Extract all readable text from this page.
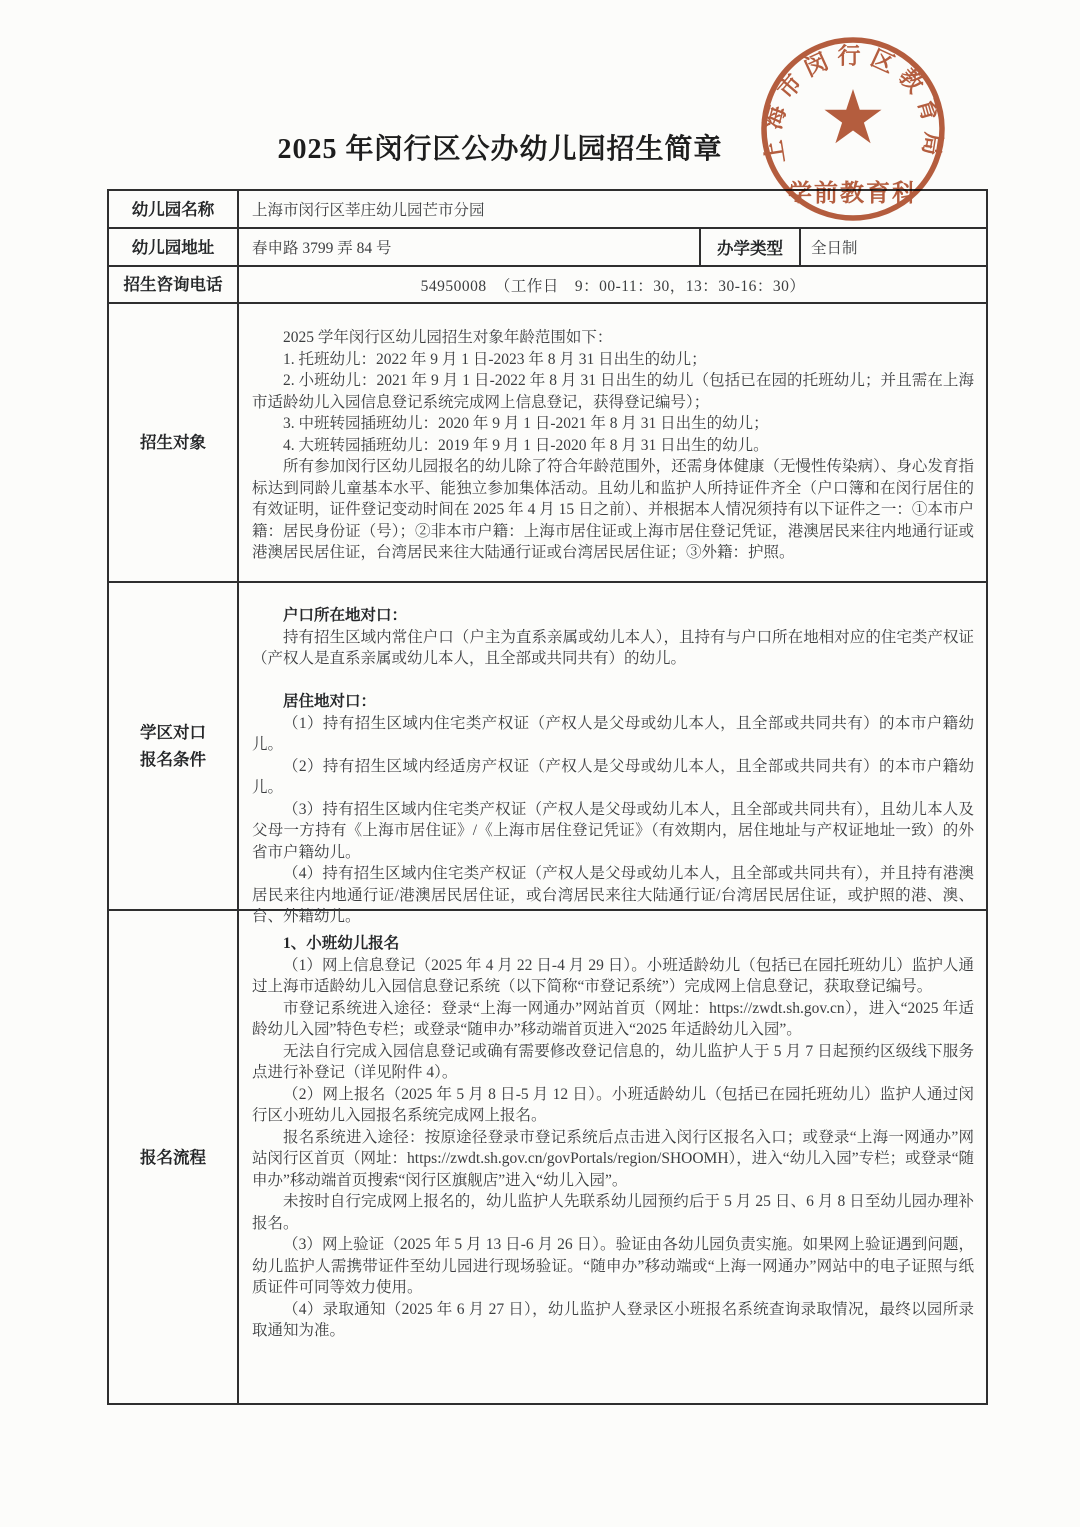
2025 年闵行区公办幼儿园招生简章	上海市闵行区教育局
学前教育科
幼儿园名称	上海市闵行区莘庄幼儿园芒市分园
幼儿园地址	春申路 3799 弄 84 号	办学类型	全日制
招生咨询电话	54950008　（工作日　9：00-11：30，13：30-16：30）
招生对象

2025 学年闵行区幼儿园招生对象年龄范围如下：

1. 托班幼儿：2022 年 9 月 1 日-2023 年 8 月 31 日出生的幼儿；

2. 小班幼儿：2021 年 9 月 1 日-2022 年 8 月 31 日出生的幼儿（包括已在园的托班幼儿；并且需在上海市适龄幼儿入园信息登记系统完成网上信息登记，获得登记编号）；

3. 中班转园插班幼儿：2020 年 9 月 1 日-2021 年 8 月 31 日出生的幼儿；

4. 大班转园插班幼儿：2019 年 9 月 1 日-2020 年 8 月 31 日出生的幼儿。

所有参加闵行区幼儿园报名的幼儿除了符合年龄范围外，还需身体健康（无慢性传染病）、身心发育指标达到同龄儿童基本水平、能独立参加集体活动。且幼儿和监护人所持证件齐全（户口簿和在闵行居住的有效证明，证件登记变动时间在 2025 年 4 月 15 日之前）、并根据本人情况须持有以下证件之一：①本市户籍：居民身份证（号）；②非本市户籍：上海市居住证或上海市居住登记凭证，港澳居民来往内地通行证或港澳居民居住证，台湾居民来往大陆通行证或台湾居民居住证；③外籍：护照。

学区对口
报名条件

户口所在地对口：

持有招生区域内常住户口（户主为直系亲属或幼儿本人），且持有与户口所在地相对应的住宅类产权证（产权人是直系亲属或幼儿本人，且全部或共同共有）的幼儿。

居住地对口：

（1）持有招生区域内住宅类产权证（产权人是父母或幼儿本人，且全部或共同共有）的本市户籍幼儿。

（2）持有招生区域内经适房产权证（产权人是父母或幼儿本人，且全部或共同共有）的本市户籍幼儿。

（3）持有招生区域内住宅类产权证（产权人是父母或幼儿本人，且全部或共同共有），且幼儿本人及父母一方持有《上海市居住证》/《上海市居住登记凭证》（有效期内，居住地址与产权证地址一致）的外省市户籍幼儿。

（4）持有招生区域内住宅类产权证（产权人是父母或幼儿本人，且全部或共同共有），并且持有港澳居民来往内地通行证/港澳居民居住证，或台湾居民来往大陆通行证/台湾居民居住证，或护照的港、澳、台、外籍幼儿。

报名流程

1、小班幼儿报名

（1）网上信息登记（2025 年 4 月 22 日-4 月 29 日）。小班适龄幼儿（包括已在园托班幼儿）监护人通过上海市适龄幼儿入园信息登记系统（以下简称“市登记系统”）完成网上信息登记，获取登记编号。

市登记系统进入途径：登录“上海一网通办”网站首页（网址：https://zwdt.sh.gov.cn），进入“2025 年适龄幼儿入园”特色专栏；或登录“随申办”移动端首页进入“2025 年适龄幼儿入园”。

无法自行完成入园信息登记或确有需要修改登记信息的，幼儿监护人于 5 月 7 日起预约区级线下服务点进行补登记（详见附件 4）。

（2）网上报名（2025 年 5 月 8 日-5 月 12 日）。小班适龄幼儿（包括已在园托班幼儿）监护人通过闵行区小班幼儿入园报名系统完成网上报名。

报名系统进入途径：按原途径登录市登记系统后点击进入闵行区报名入口；或登录“上海一网通办”网站闵行区首页（网址：https://zwdt.sh.gov.cn/govPortals/region/SHOOMH），进入“幼儿入园”专栏；或登录“随申办”移动端首页搜索“闵行区旗舰店”进入“幼儿入园”。

未按时自行完成网上报名的，幼儿监护人先联系幼儿园预约后于 5 月 25 日、6 月 8 日至幼儿园办理补报名。

（3）网上验证（2025 年 5 月 13 日-6 月 26 日）。验证由各幼儿园负责实施。如果网上验证遇到问题，幼儿监护人需携带证件至幼儿园进行现场验证。“随申办”移动端或“上海一网通办”网站中的电子证照与纸质证件可同等效力使用。

（4）录取通知（2025 年 6 月 27 日），幼儿监护人登录区小班报名系统查询录取情况，最终以园所录取通知为准。
